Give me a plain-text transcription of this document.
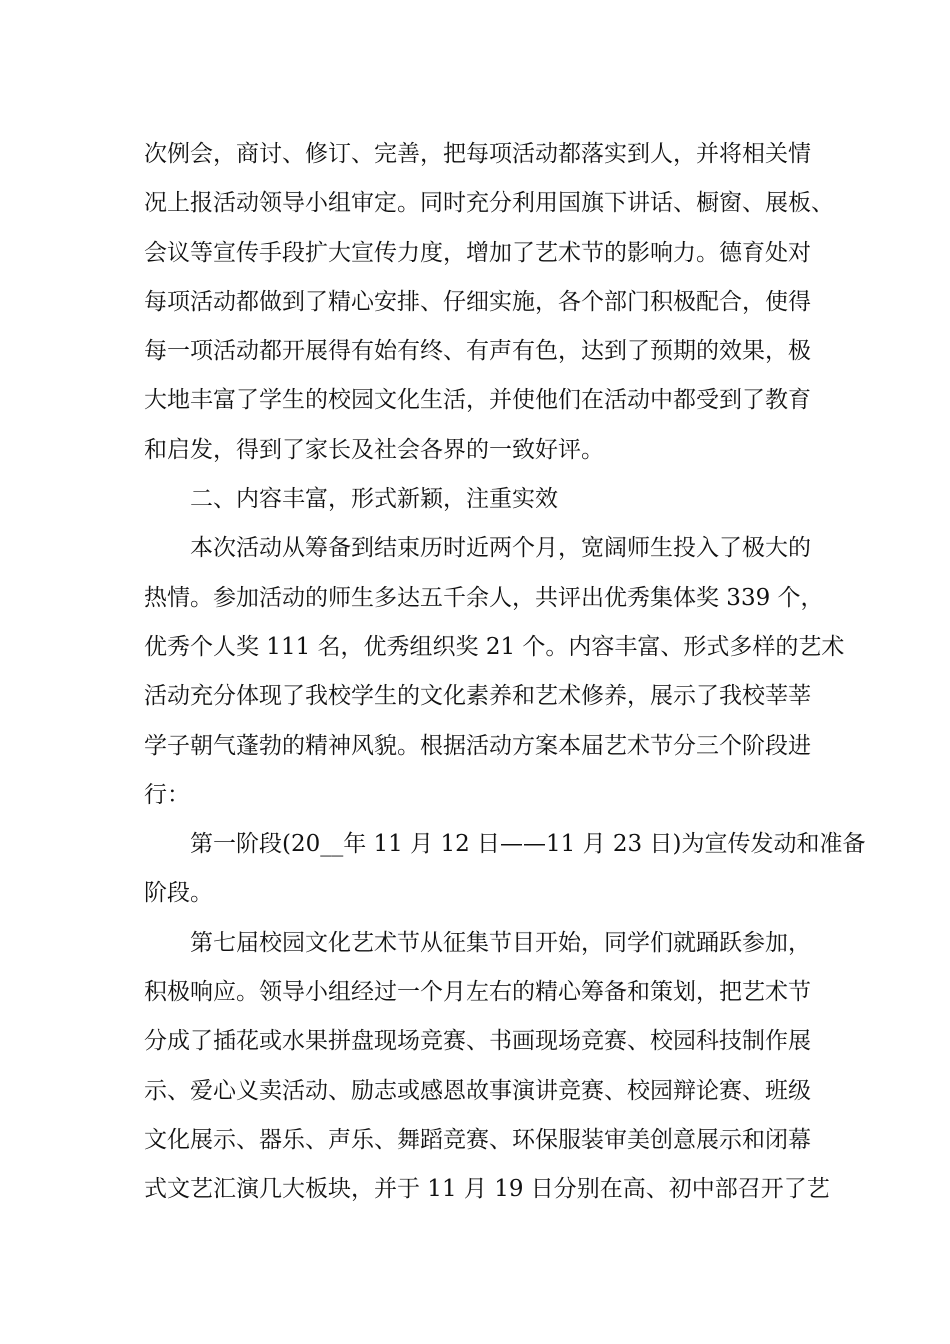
次例会，商讨、修订、完善，把每项活动都落实到人，并将相关情
况上报活动领导小组审定。同时充分利用国旗下讲话、橱窗、展板、
会议等宣传手段扩大宣传力度，增加了艺术节的影响力。德育处对
每项活动都做到了精心安排、仔细实施，各个部门积极配合，使得
每一项活动都开展得有始有终、有声有色，达到了预期的效果，极
大地丰富了学生的校园文化生活，并使他们在活动中都受到了教育
和启发，得到了家长及社会各界的一致好评。
二、内容丰富，形式新颖，注重实效
本次活动从筹备到结束历时近两个月，宽阔师生投入了极大的
热情。参加活动的师生多达五千余人，共评出优秀集体奖 339 个，
优秀个人奖 111 名，优秀组织奖 21 个。内容丰富、形式多样的艺术
活动充分体现了我校学生的文化素养和艺术修养，展示了我校莘莘
学子朝气蓬勃的精神风貌。根据活动方案本届艺术节分三个阶段进
行：
第一阶段(20__年 11 月 12 日——11 月 23 日)为宣传发动和准备
阶段。
第七届校园文化艺术节从征集节目开始，同学们就踊跃参加，
积极响应。领导小组经过一个月左右的精心筹备和策划，把艺术节
分成了插花或水果拼盘现场竞赛、书画现场竞赛、校园科技制作展
示、爱心义卖活动、励志或感恩故事演讲竞赛、校园辩论赛、班级
文化展示、器乐、声乐、舞蹈竞赛、环保服装审美创意展示和闭幕
式文艺汇演几大板块，并于 11 月 19 日分别在高、初中部召开了艺
